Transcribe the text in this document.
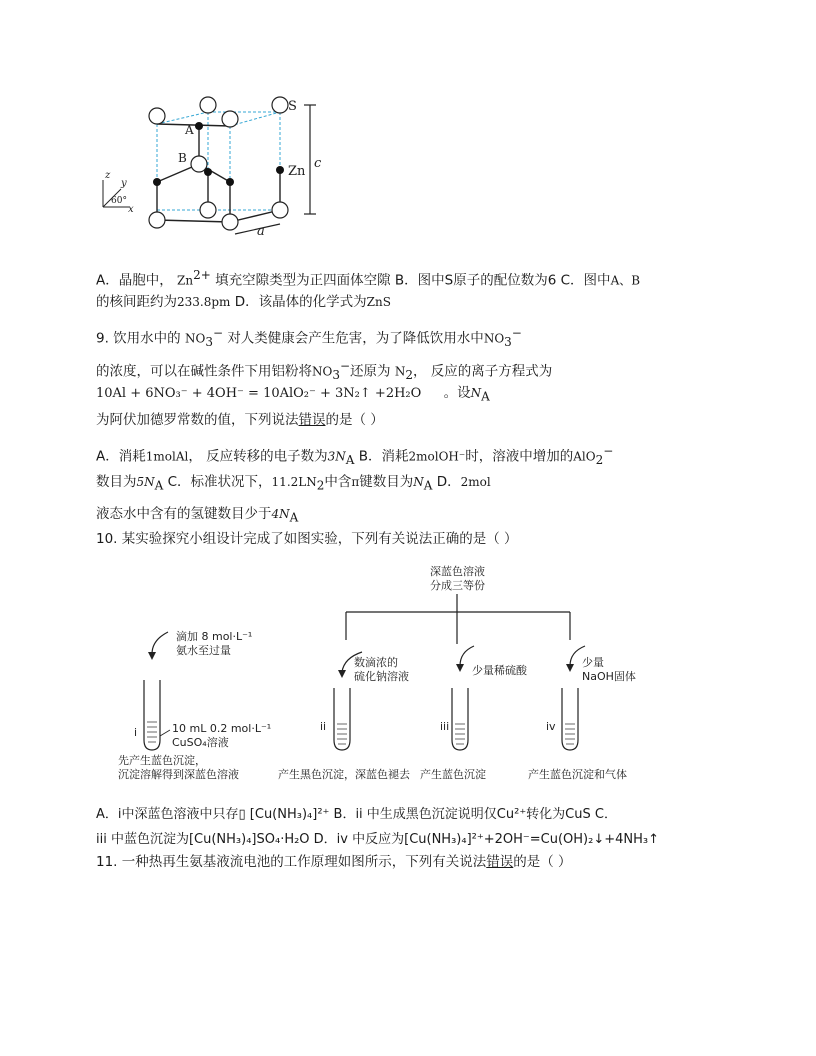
S
Zn
A
B	c
a
z
y
x
60°
A．晶胞中， $Zn^{2+}$ 填充空隙类型为正四面体空隙 B．图中S原子的配位数为6 C．图中A、B
的核间距约为233.8pm D．该晶体的化学式为ZnS
9. 饮用水中的 $NO_3^-$ 对人类健康会产生危害，为了降低饮用水中$NO_3^-$
的浓度，可以在碱性条件下用铝粉将$NO_3^-$还原为 $N_2$， 反应的离子方程式为
10Al + 6NO₃⁻ + 4OH⁻ = 10AlO₂⁻ + 3N₂↑ +2H₂O 。设$N_A$
为阿伏加德罗常数的值，下列说法错误的是（ ）
A．消耗1molAl， 反应转移的电子数为$3N_A$ B．消耗2molOH⁻时，溶液中增加的AlO$_2$−
数目为$5N_A$ C．标准状况下，$11.2LN_2$中含π键数目为$N_A$ D．2mol
液态水中含有的氢键数目少于$4N_A$
10. 某实验探究小组设计完成了如图实验，下列有关说法正确的是（ ）
深蓝色溶液
分成三等份
滴加 8 mol·L⁻¹
氨水至过量
i	10 mL 0.2 mol·L⁻¹
CuSO₄溶液
先产生蓝色沉淀，
沉淀溶解得到深蓝色溶液
数滴浓的
硫化钠溶液
ii
产生黑色沉淀，深蓝色褪去
少量稀硫酸
iii
产生蓝色沉淀
少量
NaOH固体
iv
产生蓝色沉淀和气体
A．i中深蓝色溶液中只存▯ [Cu(NH₃)₄]²⁺ B．ii 中生成黑色沉淀说明仅Cu²⁺转化为CuS C．
iii 中蓝色沉淀为[Cu(NH₃)₄]SO₄·H₂O D．iv 中反应为[Cu(NH₃)₄]²⁺+2OH⁻=Cu(OH)₂↓+4NH₃↑
11. 一种热再生氨基液流电池的工作原理如图所示，下列有关说法错误的是（ ）
